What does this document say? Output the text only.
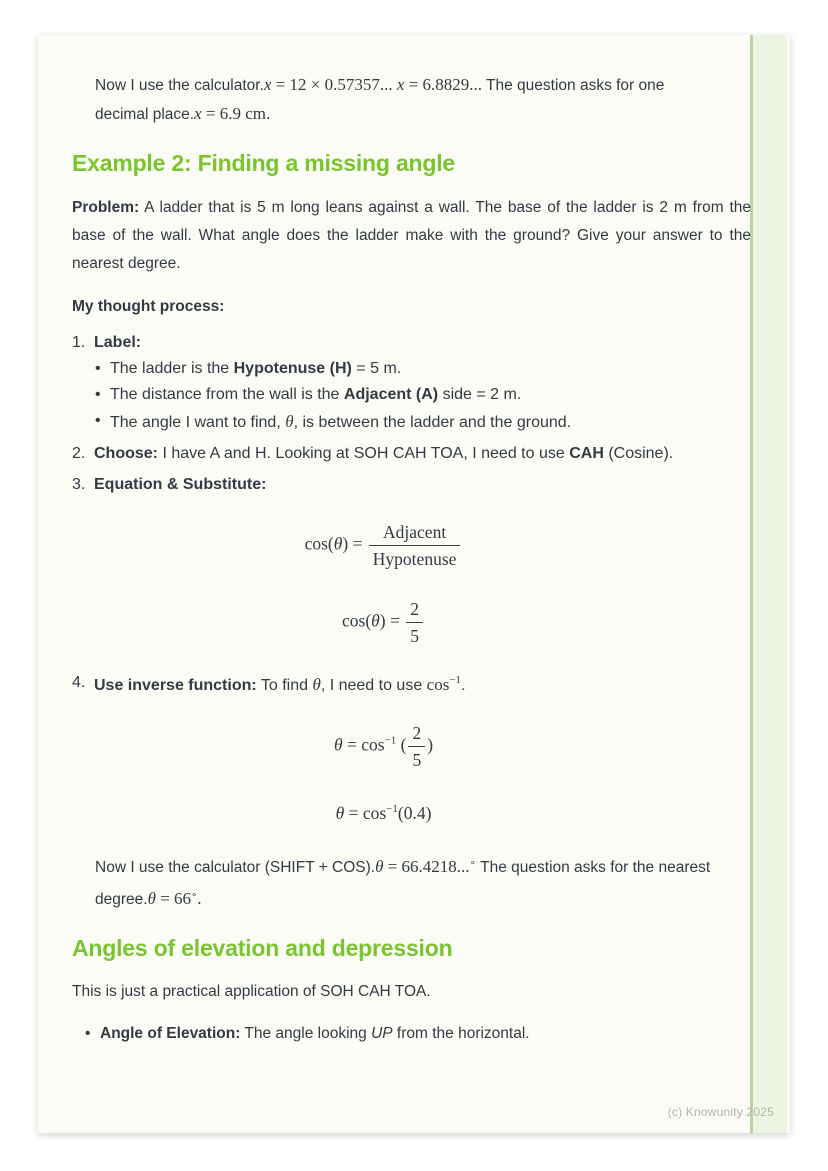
Now I use the calculator.x = 12 × 0.57357... x = 6.8829... The question asks for one decimal place.x = 6.9 cm.

Example 2: Finding a missing angle

Problem: A ladder that is 5 m long leans against a wall. The base of the ladder is 2 m from the base of the wall. What angle does the ladder make with the ground? Give your answer to the nearest degree.

My thought process:

1. Label:
• The ladder is the Hypotenuse (H) = 5 m.
• The distance from the wall is the Adjacent (A) side = 2 m.
• The angle I want to find, θ, is between the ladder and the ground.
2. Choose: I have A and H. Looking at SOH CAH TOA, I need to use CAH (Cosine).
3. Equation & Substitute:
$\cos(\theta) = \frac{\text{Adjacent}}{\text{Hypotenuse}}$
$\cos(\theta) = \frac{2}{5}$
4. Use inverse function: To find θ, I need to use $\cos^{-1}$.
$\theta = \cos^{-1}$ ( $\frac{2}{5}$ )
$\theta = \cos^{-1}(0.4)$

Now I use the calculator (SHIFT + COS).θ = 66.4218...∘ The question asks for the nearest degree.θ = 66∘.

Angles of elevation and depression

This is just a practical application of SOH CAH TOA.

• Angle of Elevation: The angle looking UP from the horizontal.
(c) Knowunity 2025
